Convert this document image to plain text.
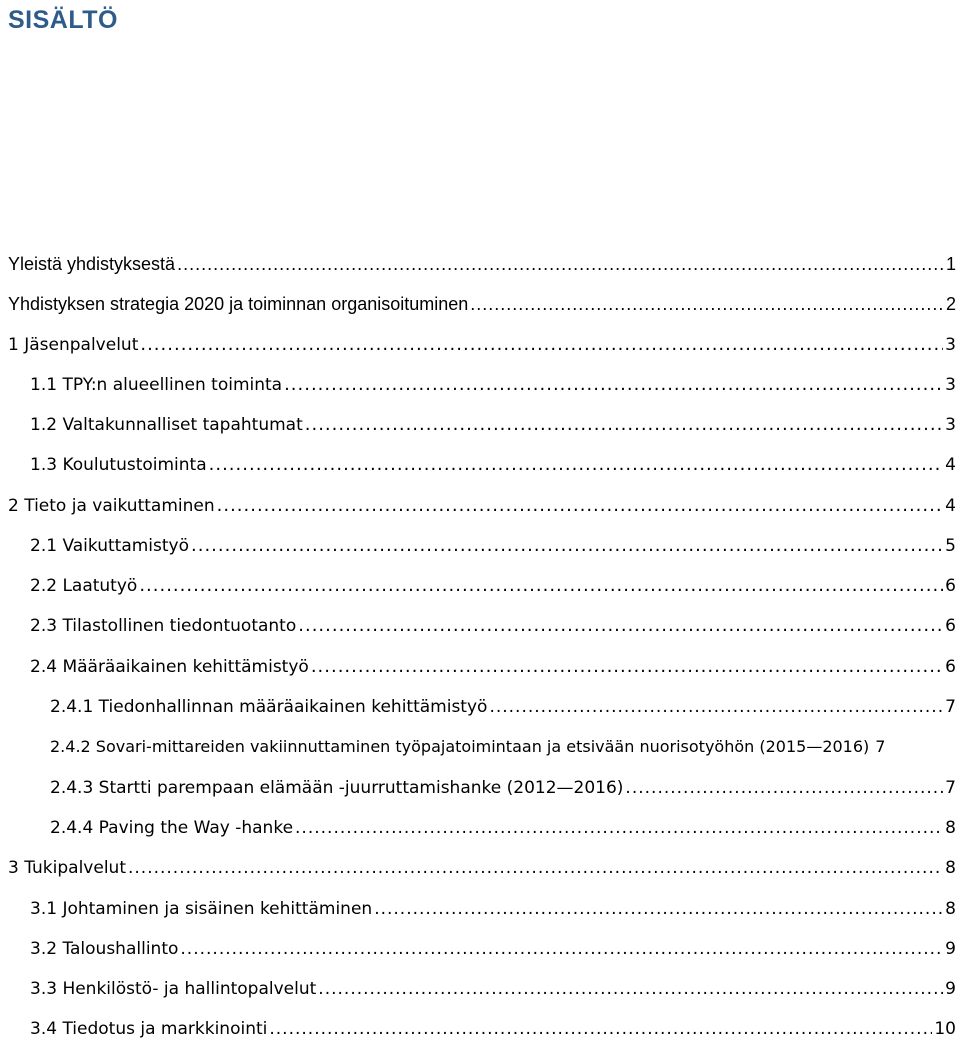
SISÄLTÖ
Yleistä yhdistyksestä .....	1
Yhdistyksen strategia 2020 ja toiminnan organisoituminen .....	2
1 Jäsenpalvelut .....	3
1.1 TPY:n alueellinen toiminta .....	3
1.2 Valtakunnalliset tapahtumat .....	3
1.3 Koulutustoiminta .....	4
2 Tieto ja vaikuttaminen .....	4
2.1 Vaikuttamistyö .....	5
2.2 Laatutyö .....	6
2.3 Tilastollinen tiedontuotanto .....	6
2.4 Määräaikainen kehittämistyö .....	6
2.4.1 Tiedonhallinnan määräaikainen kehittämistyö .....	7
2.4.2 Sovari-mittareiden vakiinnuttaminen työpajatoimintaan ja etsivään nuorisotyöhön (2015—2016) 7
2.4.3 Startti parempaan elämään -juurruttamishanke (2012—2016) .....	7
2.4.4 Paving the Way -hanke .....	8
3 Tukipalvelut .....	8
3.1 Johtaminen ja sisäinen kehittäminen .....	8
3.2 Taloushallinto .....	9
3.3 Henkilöstö- ja hallintopalvelut .....	9
3.4 Tiedotus ja markkinointi .....	10
